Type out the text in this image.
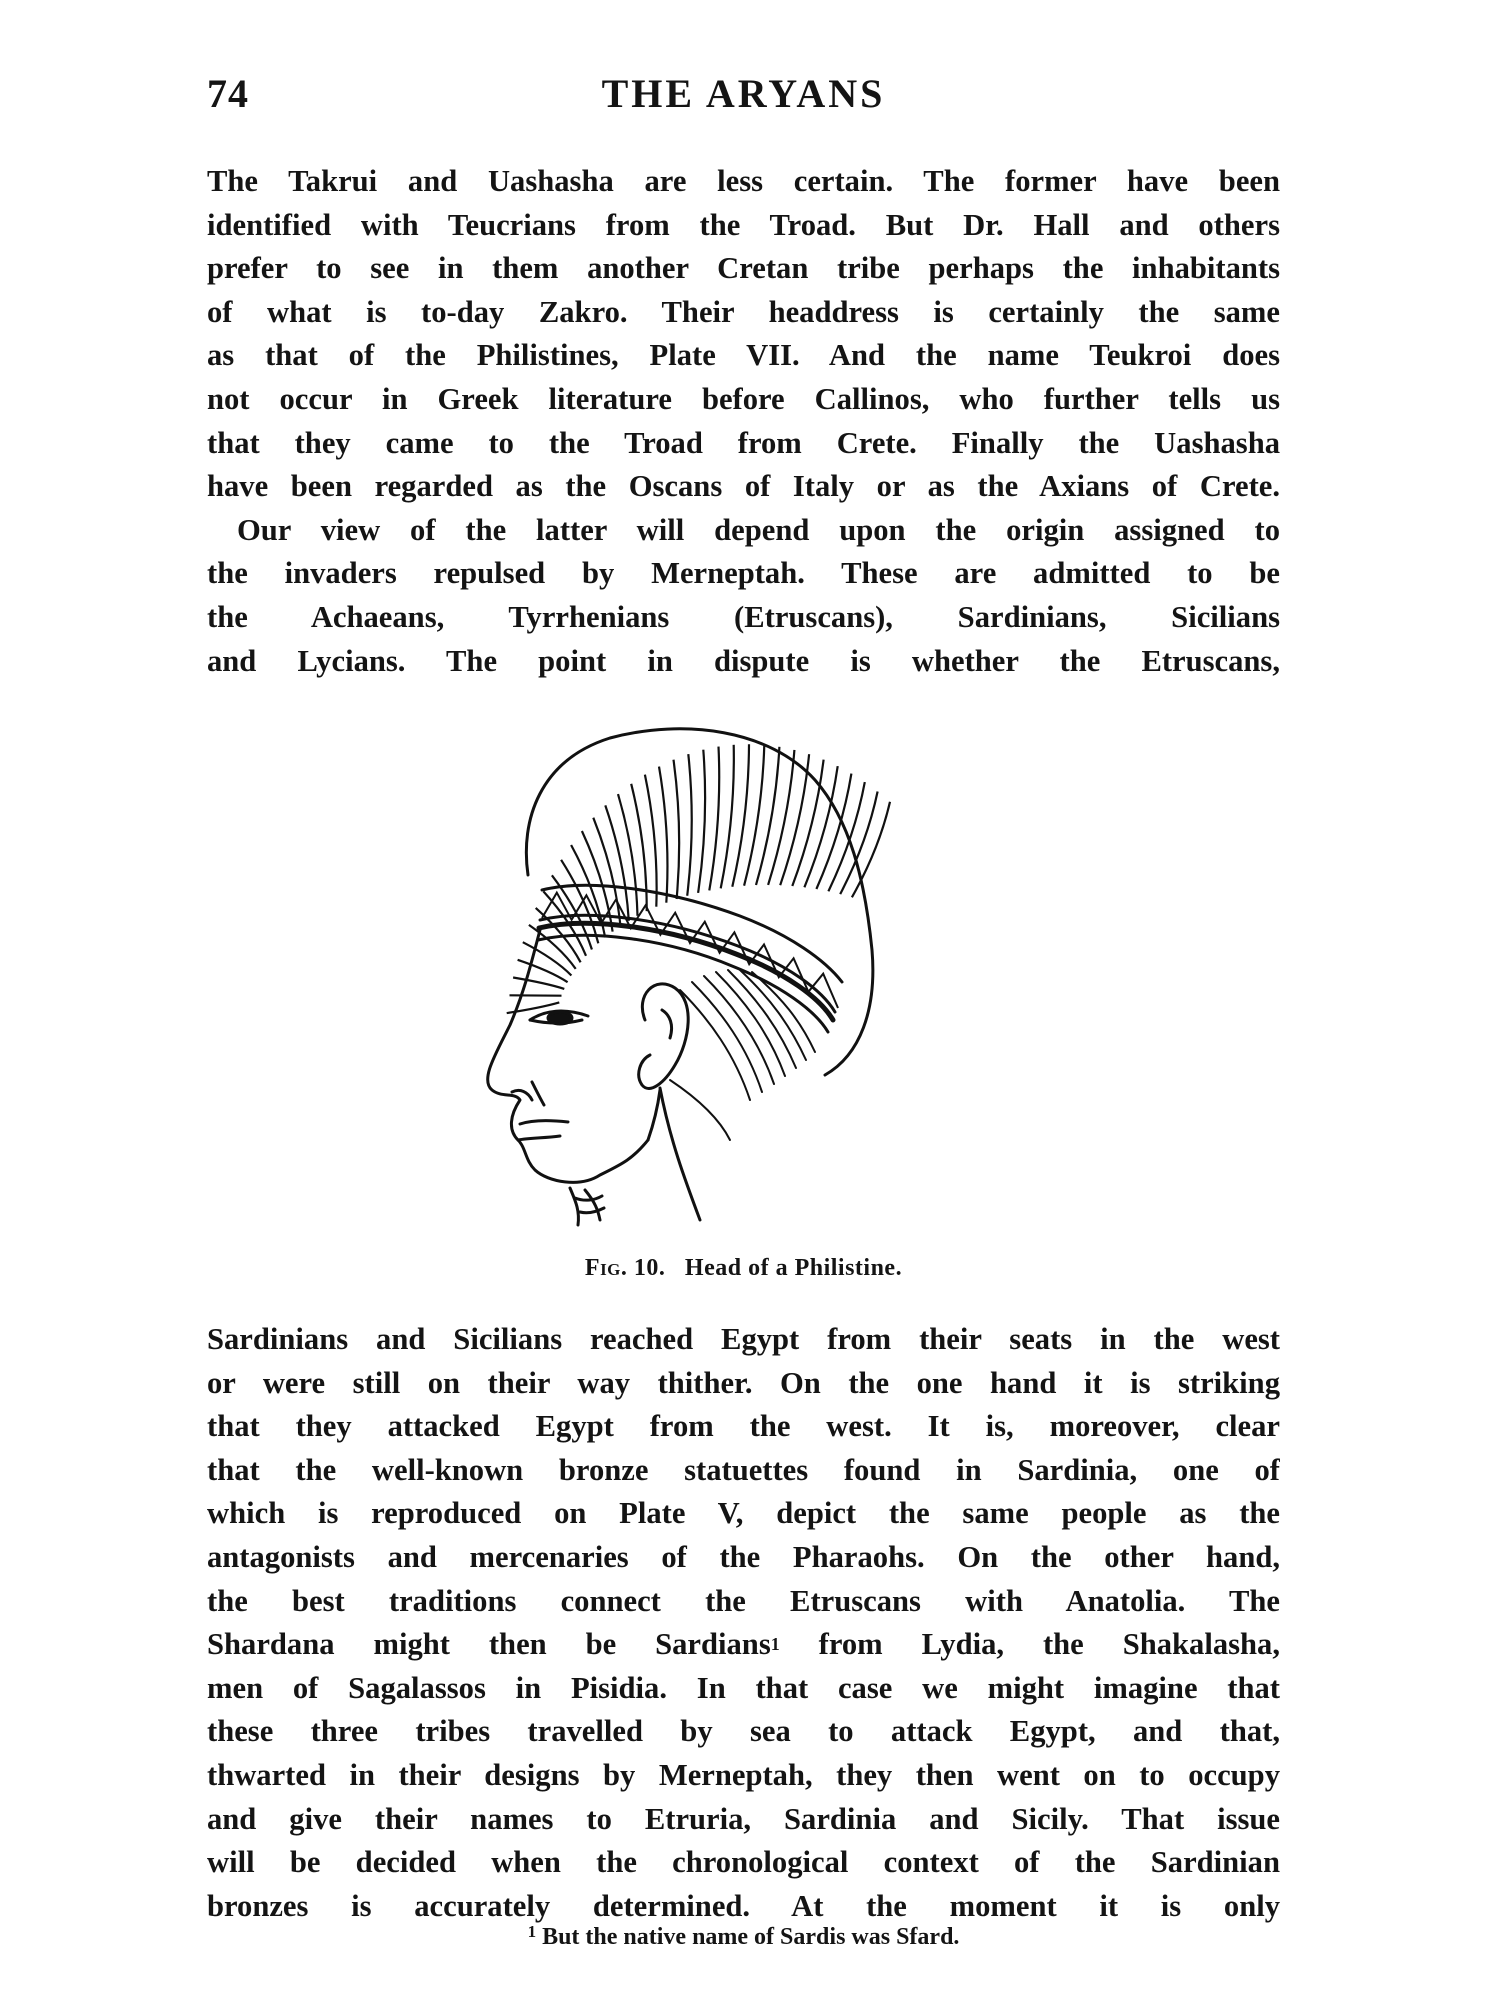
74	THE ARYANS
The Takrui and Uashasha are less certain. The former have been
identified with Teucrians from the Troad. But Dr. Hall and others
prefer to see in them another Cretan tribe perhaps the inhabitants
of what is to-day Zakro. Their headdress is certainly the same
as that of the Philistines, Plate VII. And the name Teukroi does
not occur in Greek literature before Callinos, who further tells us
that they came to the Troad from Crete. Finally the Uashasha
have been regarded as the Oscans of Italy or as the Axians of Crete.
Our view of the latter will depend upon the origin assigned to
the invaders repulsed by Merneptah. These are admitted to be
the Achaeans, Tyrrhenians (Etruscans), Sardinians, Sicilians
and Lycians. The point in dispute is whether the Etruscans,
Fig. 10. Head of a Philistine.
Sardinians and Sicilians reached Egypt from their seats in the west
or were still on their way thither. On the one hand it is striking
that they attacked Egypt from the west. It is, moreover, clear
that the well-known bronze statuettes found in Sardinia, one of
which is reproduced on Plate V, depict the same people as the
antagonists and mercenaries of the Pharaohs. On the other hand,
the best traditions connect the Etruscans with Anatolia. The
Shardana might then be Sardians$^1$ from Lydia, the Shakalasha,
men of Sagalassos in Pisidia. In that case we might imagine that
these three tribes travelled by sea to attack Egypt, and that,
thwarted in their designs by Merneptah, they then went on to occupy
and give their names to Etruria, Sardinia and Sicily. That issue
will be decided when the chronological context of the Sardinian
bronzes is accurately determined. At the moment it is only
$^1$ But the native name of Sardis was Sfard.
